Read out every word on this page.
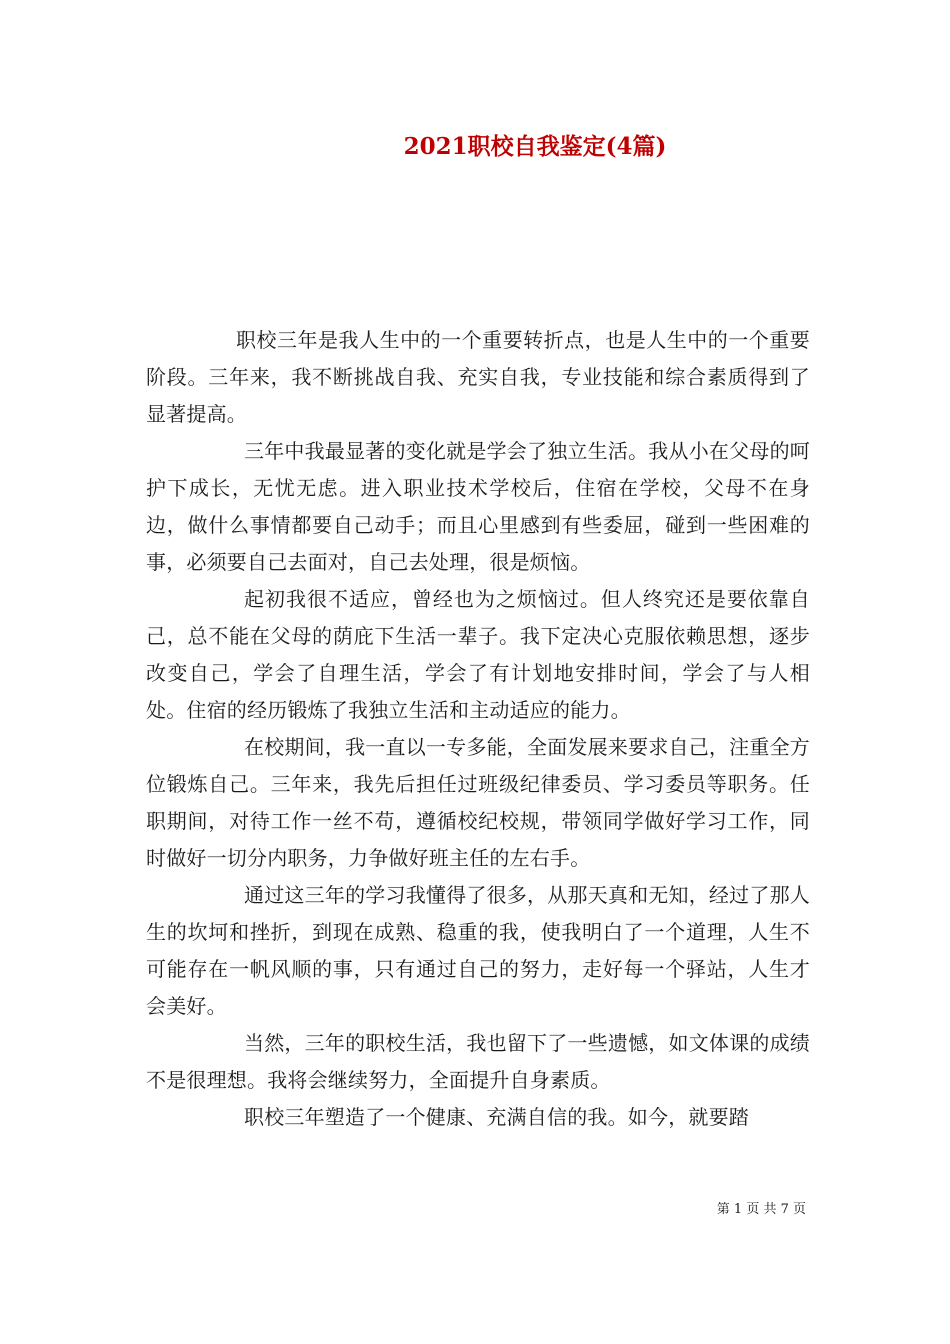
2021职校自我鉴定(4篇)

职校三年是我人生中的一个重要转折点，也是人生中的一个重要阶段。三年来，我不断挑战自我、充实自我，专业技能和综合素质得到了显著提高。

三年中我最显著的变化就是学会了独立生活。我从小在父母的呵护下成长，无忧无虑。进入职业技术学校后，住宿在学校，父母不在身边，做什么事情都要自己动手；而且心里感到有些委屈，碰到一些困难的事，必须要自己去面对，自己去处理，很是烦恼。

起初我很不适应，曾经也为之烦恼过。但人终究还是要依靠自己，总不能在父母的荫庇下生活一辈子。我下定决心克服依赖思想，逐步改变自己，学会了自理生活，学会了有计划地安排时间，学会了与人相处。住宿的经历锻炼了我独立生活和主动适应的能力。

在校期间，我一直以一专多能，全面发展来要求自己，注重全方位锻炼自己。三年来，我先后担任过班级纪律委员、学习委员等职务。任职期间，对待工作一丝不苟，遵循校纪校规，带领同学做好学习工作，同时做好一切分内职务，力争做好班主任的左右手。

通过这三年的学习我懂得了很多，从那天真和无知，经过了那人生的坎坷和挫折，到现在成熟、稳重的我，使我明白了一个道理，人生不可能存在一帆风顺的事，只有通过自己的努力，走好每一个驿站，人生才会美好。

当然，三年的职校生活，我也留下了一些遗憾，如文体课的成绩不是很理想。我将会继续努力，全面提升自身素质。

职校三年塑造了一个健康、充满自信的我。如今，就要踏

第 1 页 共 7 页
